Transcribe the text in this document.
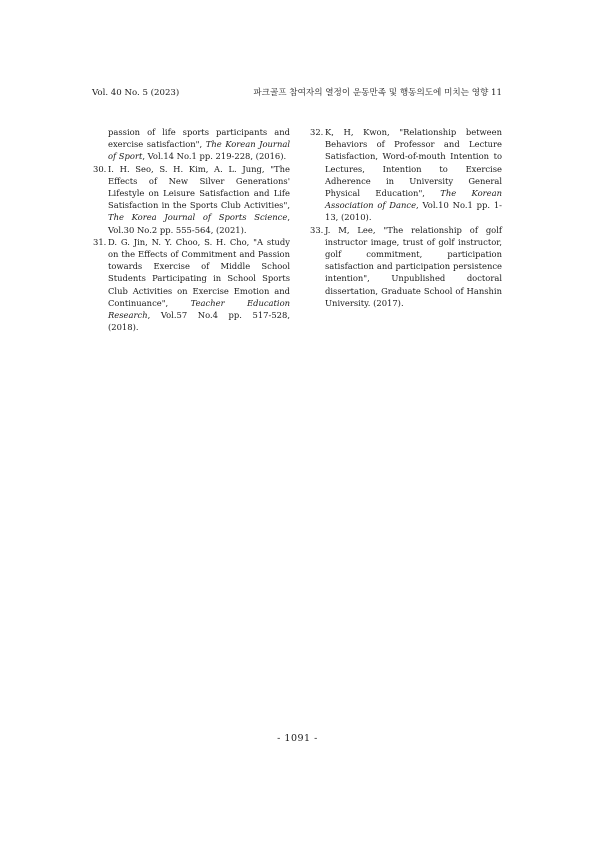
Vol. 40 No. 5 (2023)	파크골프 참여자의 열정이 운동만족 및 행동의도에 미치는 영향 11

passion of life sports participants and exercise satisfaction", The Korean Journal of Sport, Vol.14 No.1 pp. 219-228, (2016).

30. I. H. Seo, S. H. Kim, A. L. Jung, "The Effects of New Silver Generations' Lifestyle on Leisure Satisfaction and Life Satisfaction in the Sports Club Activities", The Korea Journal of Sports Science, Vol.30 No.2 pp. 555-564, (2021).

31. D. G. Jin, N. Y. Choo, S. H. Cho, "A study on the Effects of Commitment and Passion towards Exercise of Middle School Students Participating in School Sports Club Activities on Exercise Emotion and Continuance", Teacher Education Research, Vol.57 No.4 pp. 517-528, (2018).

32. K, H, Kwon, "Relationship between Behaviors of Professor and Lecture Satisfaction, Word-of-mouth Intention to Lectures, Intention to Exercise Adherence in University General Physical Education", The Korean Association of Dance, Vol.10 No.1 pp. 1-13, (2010).

33. J. M, Lee, "The relationship of golf instructor image, trust of golf instructor, golf commitment, participation satisfaction and participation persistence intention", Unpublished doctoral dissertation, Graduate School of Hanshin University. (2017).

- 1091 -
